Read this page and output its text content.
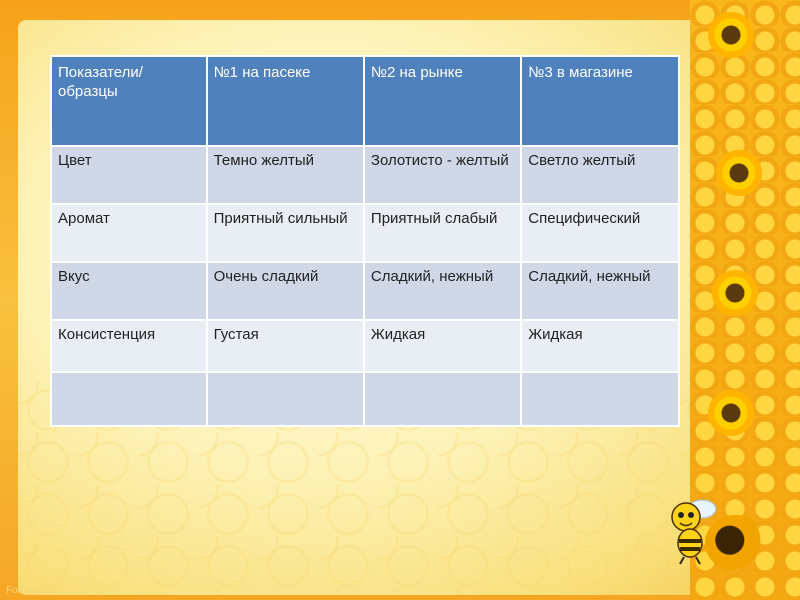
Показатели/образцы	№1 на пасеке	№2 на рынке	№3 в магазине
Цвет	Темно желтый	Золотисто - желтый	Светло желтый
Аромат	Приятный сильный	Приятный слабый	Специфический
Вкус	Очень сладкий	Сладкий, нежный	Сладкий, нежный
Консистенция	Густая	Жидкая	Жидкая

FokinaLida
